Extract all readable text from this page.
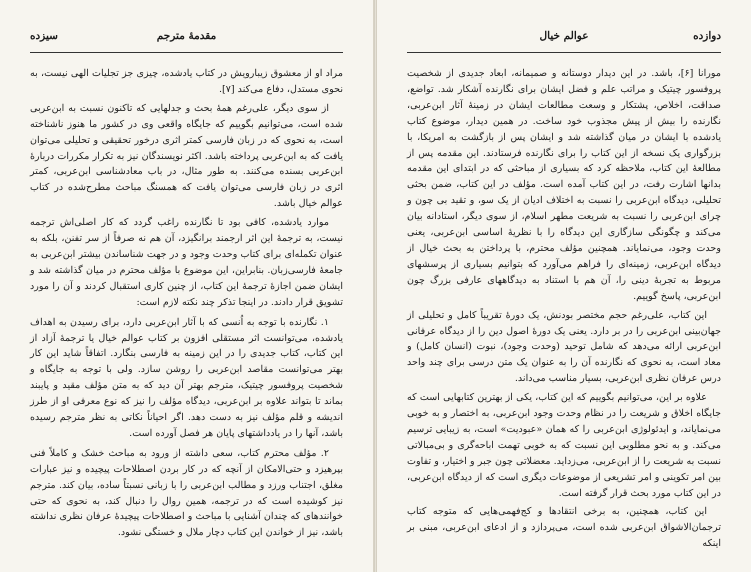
سیزده	مقدمهٔ مترجم

مراد او از معشوق زیبارویش در کتاب یادشده، چیزی جز تجلیات الهی نیست، به نحوی مستدل، دفاع می‌کند [۷].

از سوی دیگر، علی‌رغم همهٔ بحث و جدلهایی که تاکنون نسبت به ابن‌عربی شده است، می‌توانیم بگوییم که جایگاه واقعی وی در کشور ما هنوز ناشناخته است، به نحوی که در زبان فارسی کمتر اثری درخور تحقیقی و تحلیلی می‌توان یافت که به ابن‌عربی پرداخته باشد. اکثر نویسندگان نیز به تکرار مکررات دربارهٔ ابن‌عربی بسنده می‌کنند. به طور مثال، در باب معادشناسی ابن‌عربی، کمتر اثری در زبان فارسی می‌توان یافت که همسنگ مباحث مطرح‌شده در کتاب عوالم خیال باشد.

موارد یادشده، کافی بود تا نگارنده راغب گردد که کار اصلی‌اش ترجمه نیست، به ترجمهٔ این اثر ارجمند برانگیزد، آن هم نه صرفاً از سر تفنن، بلکه به عنوان تکمله‌ای برای کتاب وحدت وجود و در جهت شناساندن بیشتر ابن‌عربی به جامعهٔ فارسی‌زبان. بنابراین، این موضوع با مؤلف محترم در میان گذاشته شد و ایشان ضمن اجازهٔ ترجمهٔ این کتاب، از چنین کاری استقبال کردند و آن را مورد تشویق قرار دادند. در اینجا تذکر چند نکته لازم است:

۱. نگارنده با توجه به اُنسی که با آثار ابن‌عربی دارد، برای رسیدن به اهداف یادشده، می‌توانست اثر مستقلی افزون بر کتاب عوالم خیال یا ترجمهٔ آزاد از این کتاب، کتاب جدیدی را در این زمینه به فارسی بنگارد. اتفاقاً شاید این کار بهتر می‌توانست مقاصد ابن‌عربی را روشن سازد. ولی با توجه به جایگاه و شخصیت پروفسور چیتیک، مترجم بهتر آن دید که به متن مؤلف مقید و پایبند بماند تا بتواند علاوه بر ابن‌عربی، دیدگاه مؤلف را نیز که نوع معرفی او از طرز اندیشه و قلم مؤلف نیز به دست دهد. اگر احیاناً نکاتی به نظر مترجم رسیده باشد، آنها را در یادداشتهای پایان هر فصل آورده است.

۲. مؤلف محترم کتاب، سعی داشته از ورود به مباحث خشک و کاملاً فنی بپرهیزد و حتی‌الامکان از آنچه که در کار بردن اصطلاحات پیچیده و نیز عبارات مغلق، اجتناب ورزد و مطالب ابن‌عربی را با زبانی نسبتاً ساده، بیان کند. مترجم نیز کوشیده است که در ترجمه، همین روال را دنبال کند، به نحوی که حتی خوانندهای که چندان آشنایی با مباحث و اصطلاحات پیچیدهٔ عرفان نظری نداشته باشد، نیز از خواندن این کتاب دچار ملال و خستگی نشود.

عوالم خیال	دوازده

مورانا [۶]، باشد. در این دیدار دوستانه و صمیمانه، ابعاد جدیدی از شخصیت پروفسور چیتیک و مراتب علم و فضل ایشان برای نگارنده آشکار شد. تواضع، صداقت، اخلاص، پشتکار و وسعت مطالعات ایشان در زمینهٔ آثار ابن‌عربی، نگارنده را بیش از پیش مجذوب خود ساخت. در همین دیدار، موضوع کتاب یادشده با ایشان در میان گذاشته شد و ایشان پس از بازگشت به امریکا، با بزرگواری یک نسخه از این کتاب را برای نگارنده فرستادند. این مقدمه پس از مطالعهٔ این کتاب، ملاحظه کرد که بسیاری از مباحثی که در ابتدای این مقدمه بدانها اشارت رفت، در این کتاب آمده است. مؤلف در این کتاب، ضمن بحثی تحلیلی، دیدگاه ابن‌عربی را نسبت به اختلاف ادیان از یک سو، و تقید بی چون و چرای ابن‌عربی را نسبت به شریعت مطهر اسلام، از سوی دیگر، استادانه بیان می‌کند و چگونگی سازگاری این دیدگاه را با نظریهٔ اساسی ابن‌عربی، یعنی وحدت وجود، می‌نمایاند. همچنین مؤلف محترم، با پرداختن به بحث خیال از دیدگاه ابن‌عربی، زمینه‌ای را فراهم می‌آورد که بتوانیم بسیاری از پرسشهای مربوط به تجربهٔ دینی را، آن هم با استناد به دیدگاههای عارفی بزرگ چون ابن‌عربی، پاسخ گوییم.

این کتاب، علی‌رغم حجم مختصر بودنش، یک دورهٔ تقریباً کامل و تحلیلی از جهان‌بینی ابن‌عربی را در بر دارد. یعنی یک دورهٔ اصول دین را از دیدگاه عرفانی ابن‌عربی ارائه می‌دهد که شامل توحید (وحدت وجود)، نبوت (انسان کامل) و معاد است، به نحوی که نگارنده آن را به عنوان یک متن درسی برای چند واحد درس عرفان نظری ابن‌عربی، بسیار مناسب می‌داند.

علاوه بر این، می‌توانیم بگوییم که این کتاب، یکی از بهترین کتابهایی است که جایگاه اخلاق و شریعت را در نظام وحدت وجود ابن‌عربی، به اختصار و به خوبی می‌نمایاند، و ایدئولوژی ابن‌عربی را که همان «عبودیت» است، به زیبایی ترسیم می‌کند. و به نحو مطلوبی این نسبت که به خوبی تهمت اباحه‌گری و بی‌مبالاتی نسبت به شریعت را از ابن‌عربی، می‌زداید. معضلاتی چون جبر و اختیار، و تفاوت بین امر تکوینی و امر تشریعی از موضوعات دیگری است که از دیدگاه ابن‌عربی، در این کتاب مورد بحث قرار گرفته است.

این کتاب، همچنین، به برخی انتقادها و کج‌فهمی‌هایی که متوجه کتاب ترجمان‌الاشواق ابن‌عربی شده است، می‌پردازد و از ادعای ابن‌عربی، مبنی بر اینکه
